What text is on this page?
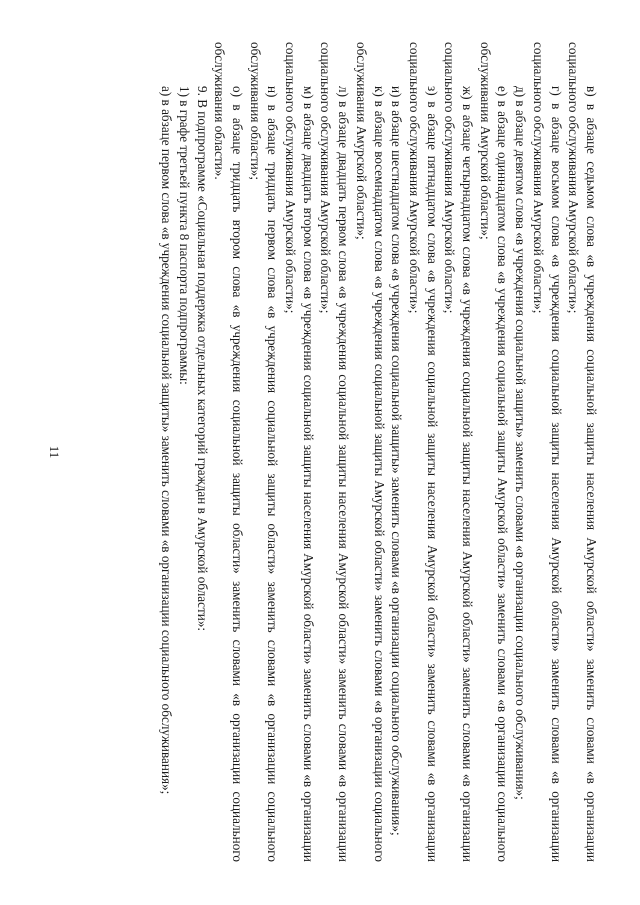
11	в) в абзаце седьмом слова «в учреждения социальной защиты населения Амурской области» заменить словами «в организации социального обслуживания Амурской области»;

г) в абзаце восьмом слова «в учреждения социальной защиты населения Амурской области» заменить словами «в организации социального обслуживания Амурской области»;

д) в абзаце девятом слова «в учреждения социальной защиты» заменить словами «в организации социального обслуживания»;

е) в абзаце одиннадцатом слова «в учреждения социальной защиты Амурской области» заменить словами «в организации социального обслуживания Амурской области»;

ж) в абзаце четырнадцатом слова «в учреждения социальной защиты населения Амурской области» заменить словами «в организации социального обслуживания Амурской области»;

з) в абзаце пятнадцатом слова «в учреждения социальной защиты населения Амурской области» заменить словами «в организации социального обслуживания Амурской области»;

и) в абзаце шестнадцатом слова «в учреждения социальной защиты» заменить словами «в организации социального обслуживания»;

к) в абзаце восемнадцатом слова «в учреждения социальной защиты Амурской области» заменить словами «в организации социального обслуживания Амурской области»;

л) в абзаце двадцать первом слова «в учреждения социальной защиты населения Амурской области» заменить словами «в организации социального обслуживания Амурской области»;

м) в абзаце двадцать втором слова «в учреждения социальной защиты населения Амурской области» заменить словами «в организации социального обслуживания Амурской области»;

н) в абзаце тридцать первом слова «в учреждения социальной защиты области» заменить словами «в организации социального обслуживания области»;

о) в абзаце тридцать втором слова «в учреждения социальной защиты области» заменить словами «в организации социального обслуживания области».

9. В подпрограмме «Социальная поддержка отдельных категорий граждан в Амурской области»:

1) в графе третьей пункта 8 паспорта подпрограммы:

а) в абзаце первом слова «в учреждения социальной защиты» заменить словами «в организации социального обслуживания»;
